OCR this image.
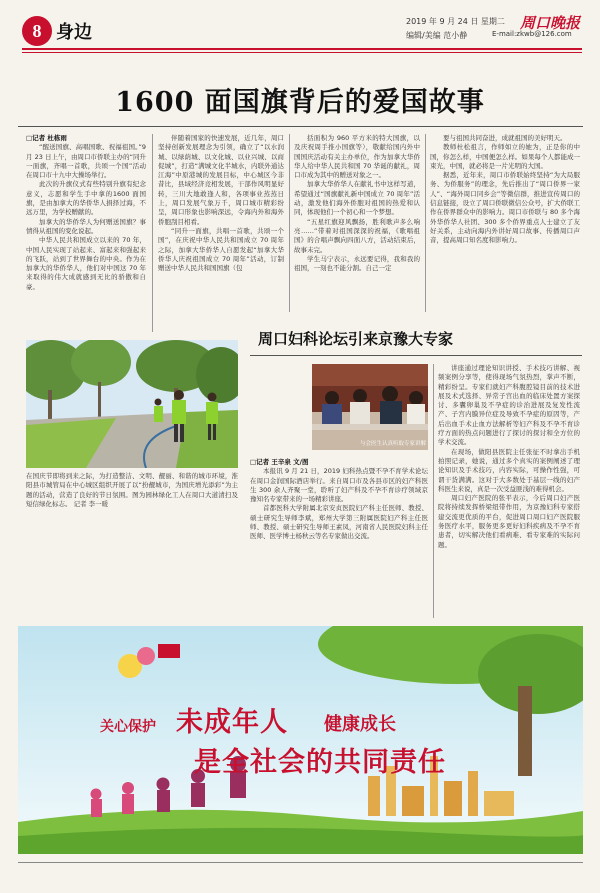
8 身边
2019 年 9 月 24 日 星期二 周口晚报
编辑/美编 范小静	E-mail:zkwb@126.com
1600 面国旗背后的爱国故事

□记者 杜栋雨

“醒送国旗、高唱国歌、祝福祖国。”9 月 23 日上午，由周口市侨联主办的“同升一面旗，齐唱一首歌，共颂一个国”活动在周口市十九中大操场举行。

此次的升旗仪式有些特别升旗有纪念意义，志愿和学生手中拿的1600 面国旗，是由加拿大的华侨华人捐择过海，不远万里，为学校赠献的。

加拿大的华侨华人为何赠送国旗？事情得从祖国的变化说起。

中华人民共和国成立以来的 70 年，中国人民实现了站起来、富起来和强起来的飞跃，站到了世界舞台的中央。作为在加拿大的华侨华人，他们对中国这 70 年来取得的伟大成就感到无比的骄傲和自豪。

伴随着国家的快速发展，近几年，周口坚持创新发展理念为引领，确立了“以水润城、以绿荫城、以文化城、以业兴城、以商促城”，打造“满城文化半城水，内联外通达江海”中原港城的发展目标，中心城区今非昔比，县域经济竞相发展，干部作风明显好转，三川大地敢逢人和，各项事业蒸蒸日上，周口发展气象万千，周口城市精彩纷呈，周口形象也影响深远，令海内外和海外侨胞刮目相看。

“同升一面旗，共唱一首歌，共颂一个国”，在庆祝中华人民共和国成立 70 周年之际，加拿大华侨华人自愿发起“加拿大华侨华人庆祝祖国成立 70 周年”活动，订制赠送中华人民共和国国旗（包

括面积为 960 平方米的特大国旗，以及庆祝周手推小国旗等），敬献给国内外中国国庆活动有关主办单位，作为加拿大华侨华人给中华人民共和国 70 华诞的献礼，周口市成为其中的赠送对象之一。

加拿大华侨华人在献礼书中这样写道，希望通过“国旗献礼新中国成立 70 周年”活动，激发他们海外侨胞对祖国的热爱和认同，体现他们一个初心和一个梦想。

“五星红旗迎风飘扬，胜利歌声多么响亮……”带着对祖国深深的祝福，《歌唱祖国》的合唱声飘向四面八方，活动结束后，故事未完。

学生马宁表示，永远要记得，我和我的祖国，一刻也不能分割。自己一定

要与祖国共同奋进，成就祖国的美好明天。

教师杜松祖言，作师如立的她为，正是你的中国，你怎么样，中国便怎么样。如果每个人都能成一束光，中国，就必将是一片光明的大国。

据悉，近年来，周口市侨联始终坚持“为大局服务、为侨服务”的理念，先后推出了“周口侨界一家人”、“海外周口同乡会”等微信群，推进宣传周口的信息链接，设立了周口侨联微信公众号，扩大侨联工作在侨界群众中的影响力。周口市侨联与 80 多个海外华侨华人社团、300 多个侨界重点人士建立了友好关系，主动向海内外讲好周口故事、传播周口声音，提高周口知名度和影响力。

在国庆节即将到来之际，为打造整洁、文明、靓丽、和谐的城市环境，淮阳县市城管局在中心城区组织开展了以“扮靓城市，为国庆增光添彩”为主题的活动，营造了良好的节日氛围。图为园林绿化工人在周口大道清扫及短信绿化标志。 记者 李一暖
周口妇科论坛引来京豫大专家
与会医生认真听取专家讲解

□记者 王辛泉 文/图

本报讯 9 月 21 日，2019 妇科热点暨不孕不育学术论坛在周口金润国际酒店举行。来自周口市及各县市区的妇产科医生 300 余人齐聚一堂，聆听了妇产科及不孕不育诊疗领域京豫知名专家带来的一场精彩讲座。

首都医科大学附属北京安贞医院妇产科主任医师、教授、硕士研究生导师李斌，郑州大学第三附属医院妇产科主任医师、教授、硕士研究生导师王素凤，河南省人民医院妇科主任医师、医学博士杨秋云等名专家做出交流。

讲座通过理论知识讲授、手术技巧讲解、视频案例分享等，使得现场气氛热烈，掌声不断，精彩纷呈。专家们就妇产科腹腔镜目前的技术进展及术式选择、异常子宫出血的临床处置方案探讨、多囊卵巢及不孕症的诊治进展及复发性流产、子宫内膜异位症及导致不孕症的原因等，产后出血手术止血方法解析等妇产科及不孕不育诊疗方面的热点问题进行了探讨的探讨和全方位的学术交流。

在现场，做阳县医院主任张征不时拿出手机拍照记录，她说，通过多个真实的案例阐述了理论知识及手术技巧，内容实际，可操作性强，可谓干货满满。这对于大多数处于基层一线的妇产科医生来说，真是一次受益匪浅的难得机会。

周口妇产医院的张平表示，今后周口妇产医院将持续发挥桥梁纽带作用，为京豫妇科专家搭建交流更优质的平台，促进周口周口妇产医院服务医疗水平，服务更多更好妇科疾病及不孕不育患者，切实解决他们看病难、看专家难的实际问题。

关心保护 未成年人 健康成长
是全社会的共同责任
